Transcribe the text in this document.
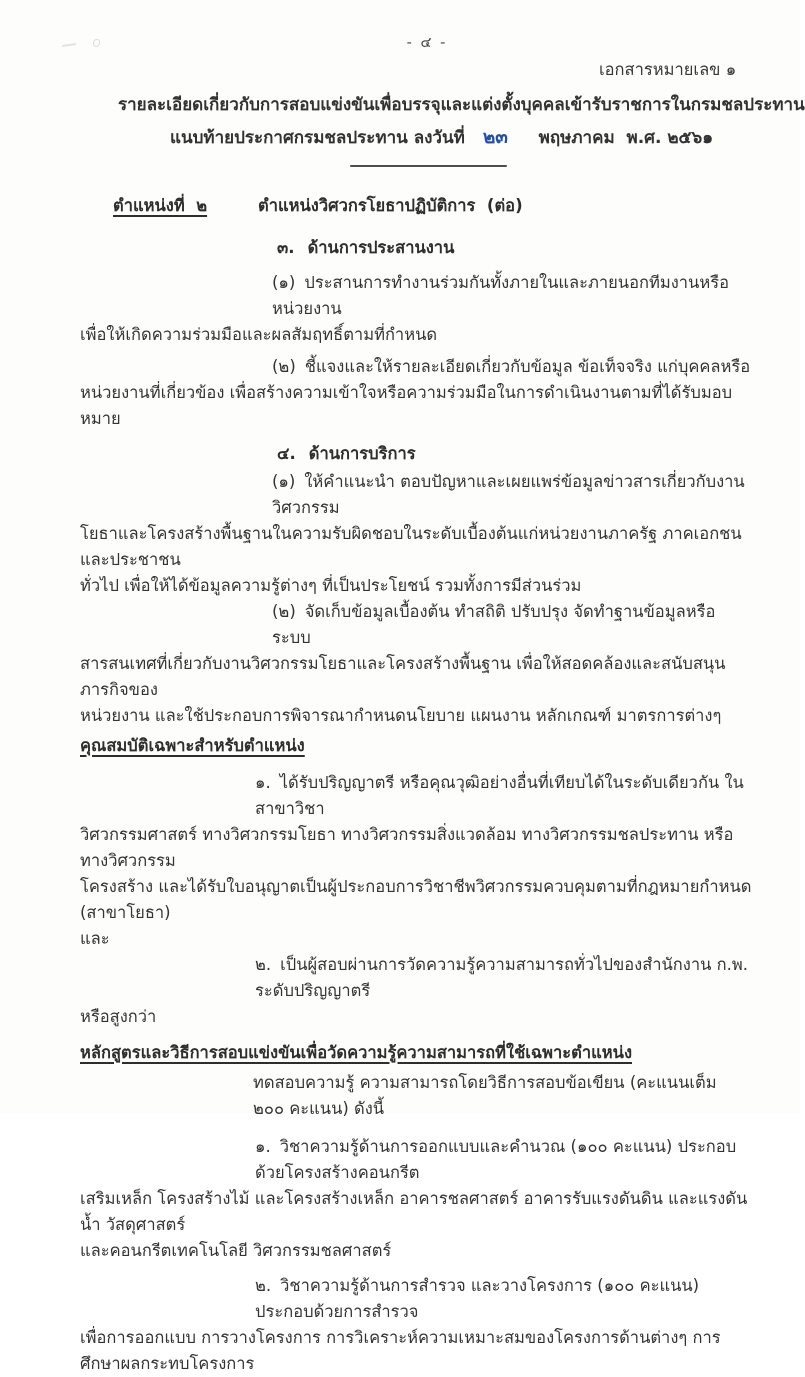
- ๔ -
เอกสารหมายเลข ๑
รายละเอียดเกี่ยวกับการสอบแข่งขันเพื่อบรรจุและแต่งตั้งบุคคลเข้ารับราชการในกรมชลประทาน
แนบท้ายประกาศกรมชลประทาน ลงวันที่ ๒๓ พฤษภาคม  พ.ศ. ๒๕๖๑
ตำแหน่งที่  ๒	ตำแหน่งวิศวกรโยธาปฏิบัติการ  (ต่อ)
๓. ด้านการประสานงาน
(๑) ประสานการทำงานร่วมกันทั้งภายในและภายนอกทีมงานหรือหน่วยงาน
เพื่อให้เกิดความร่วมมือและผลสัมฤทธิ์ตามที่กำหนด
(๒) ชี้แจงและให้รายละเอียดเกี่ยวกับข้อมูล ข้อเท็จจริง แก่บุคคลหรือ
หน่วยงานที่เกี่ยวข้อง เพื่อสร้างความเข้าใจหรือความร่วมมือในการดำเนินงานตามที่ได้รับมอบหมาย
๔. ด้านการบริการ
(๑) ให้คำแนะนำ ตอบปัญหาและเผยแพร่ข้อมูลข่าวสารเกี่ยวกับงานวิศวกรรม
โยธาและโครงสร้างพื้นฐานในความรับผิดชอบในระดับเบื้องต้นแก่หน่วยงานภาครัฐ ภาคเอกชน และประชาชน
ทั่วไป เพื่อให้ได้ข้อมูลความรู้ต่างๆ ที่เป็นประโยชน์ รวมทั้งการมีส่วนร่วม
(๒) จัดเก็บข้อมูลเบื้องต้น ทำสถิติ ปรับปรุง จัดทำฐานข้อมูลหรือระบบ
สารสนเทศที่เกี่ยวกับงานวิศวกรรมโยธาและโครงสร้างพื้นฐาน เพื่อให้สอดคล้องและสนับสนุนภารกิจของ
หน่วยงาน และใช้ประกอบการพิจารณากำหนดนโยบาย แผนงาน หลักเกณฑ์ มาตรการต่างๆ
คุณสมบัติเฉพาะสำหรับตำแหน่ง
๑. ได้รับปริญญาตรี หรือคุณวุฒิอย่างอื่นที่เทียบได้ในระดับเดียวกัน ในสาขาวิชา
วิศวกรรมศาสตร์ ทางวิศวกรรมโยธา ทางวิศวกรรมสิ่งแวดล้อม ทางวิศวกรรมชลประทาน หรือทางวิศวกรรม
โครงสร้าง และได้รับใบอนุญาตเป็นผู้ประกอบการวิชาชีพวิศวกรรมควบคุมตามที่กฎหมายกำหนด (สาขาโยธา)
และ
๒. เป็นผู้สอบผ่านการวัดความรู้ความสามารถทั่วไปของสำนักงาน ก.พ.    ระดับปริญญาตรี
หรือสูงกว่า
หลักสูตรและวิธีการสอบแข่งขันเพื่อวัดความรู้ความสามารถที่ใช้เฉพาะตำแหน่ง
ทดสอบความรู้ ความสามารถโดยวิธีการสอบข้อเขียน (คะแนนเต็ม ๒๐๐ คะแนน) ดังนี้
๑. วิชาความรู้ด้านการออกแบบและคำนวณ (๑๐๐ คะแนน) ประกอบด้วยโครงสร้างคอนกรีต
เสริมเหล็ก โครงสร้างไม้ และโครงสร้างเหล็ก อาคารชลศาสตร์ อาคารรับแรงดันดิน และแรงดันน้ำ วัสดุศาสตร์
และคอนกรีตเทคโนโลยี วิศวกรรมชลศาสตร์
๒. วิชาความรู้ด้านการสำรวจ และวางโครงการ (๑๐๐ คะแนน) ประกอบด้วยการสำรวจ
เพื่อการออกแบบ การวางโครงการ การวิเคราะห์ความเหมาะสมของโครงการด้านต่างๆ การศึกษาผลกระทบโครงการ
